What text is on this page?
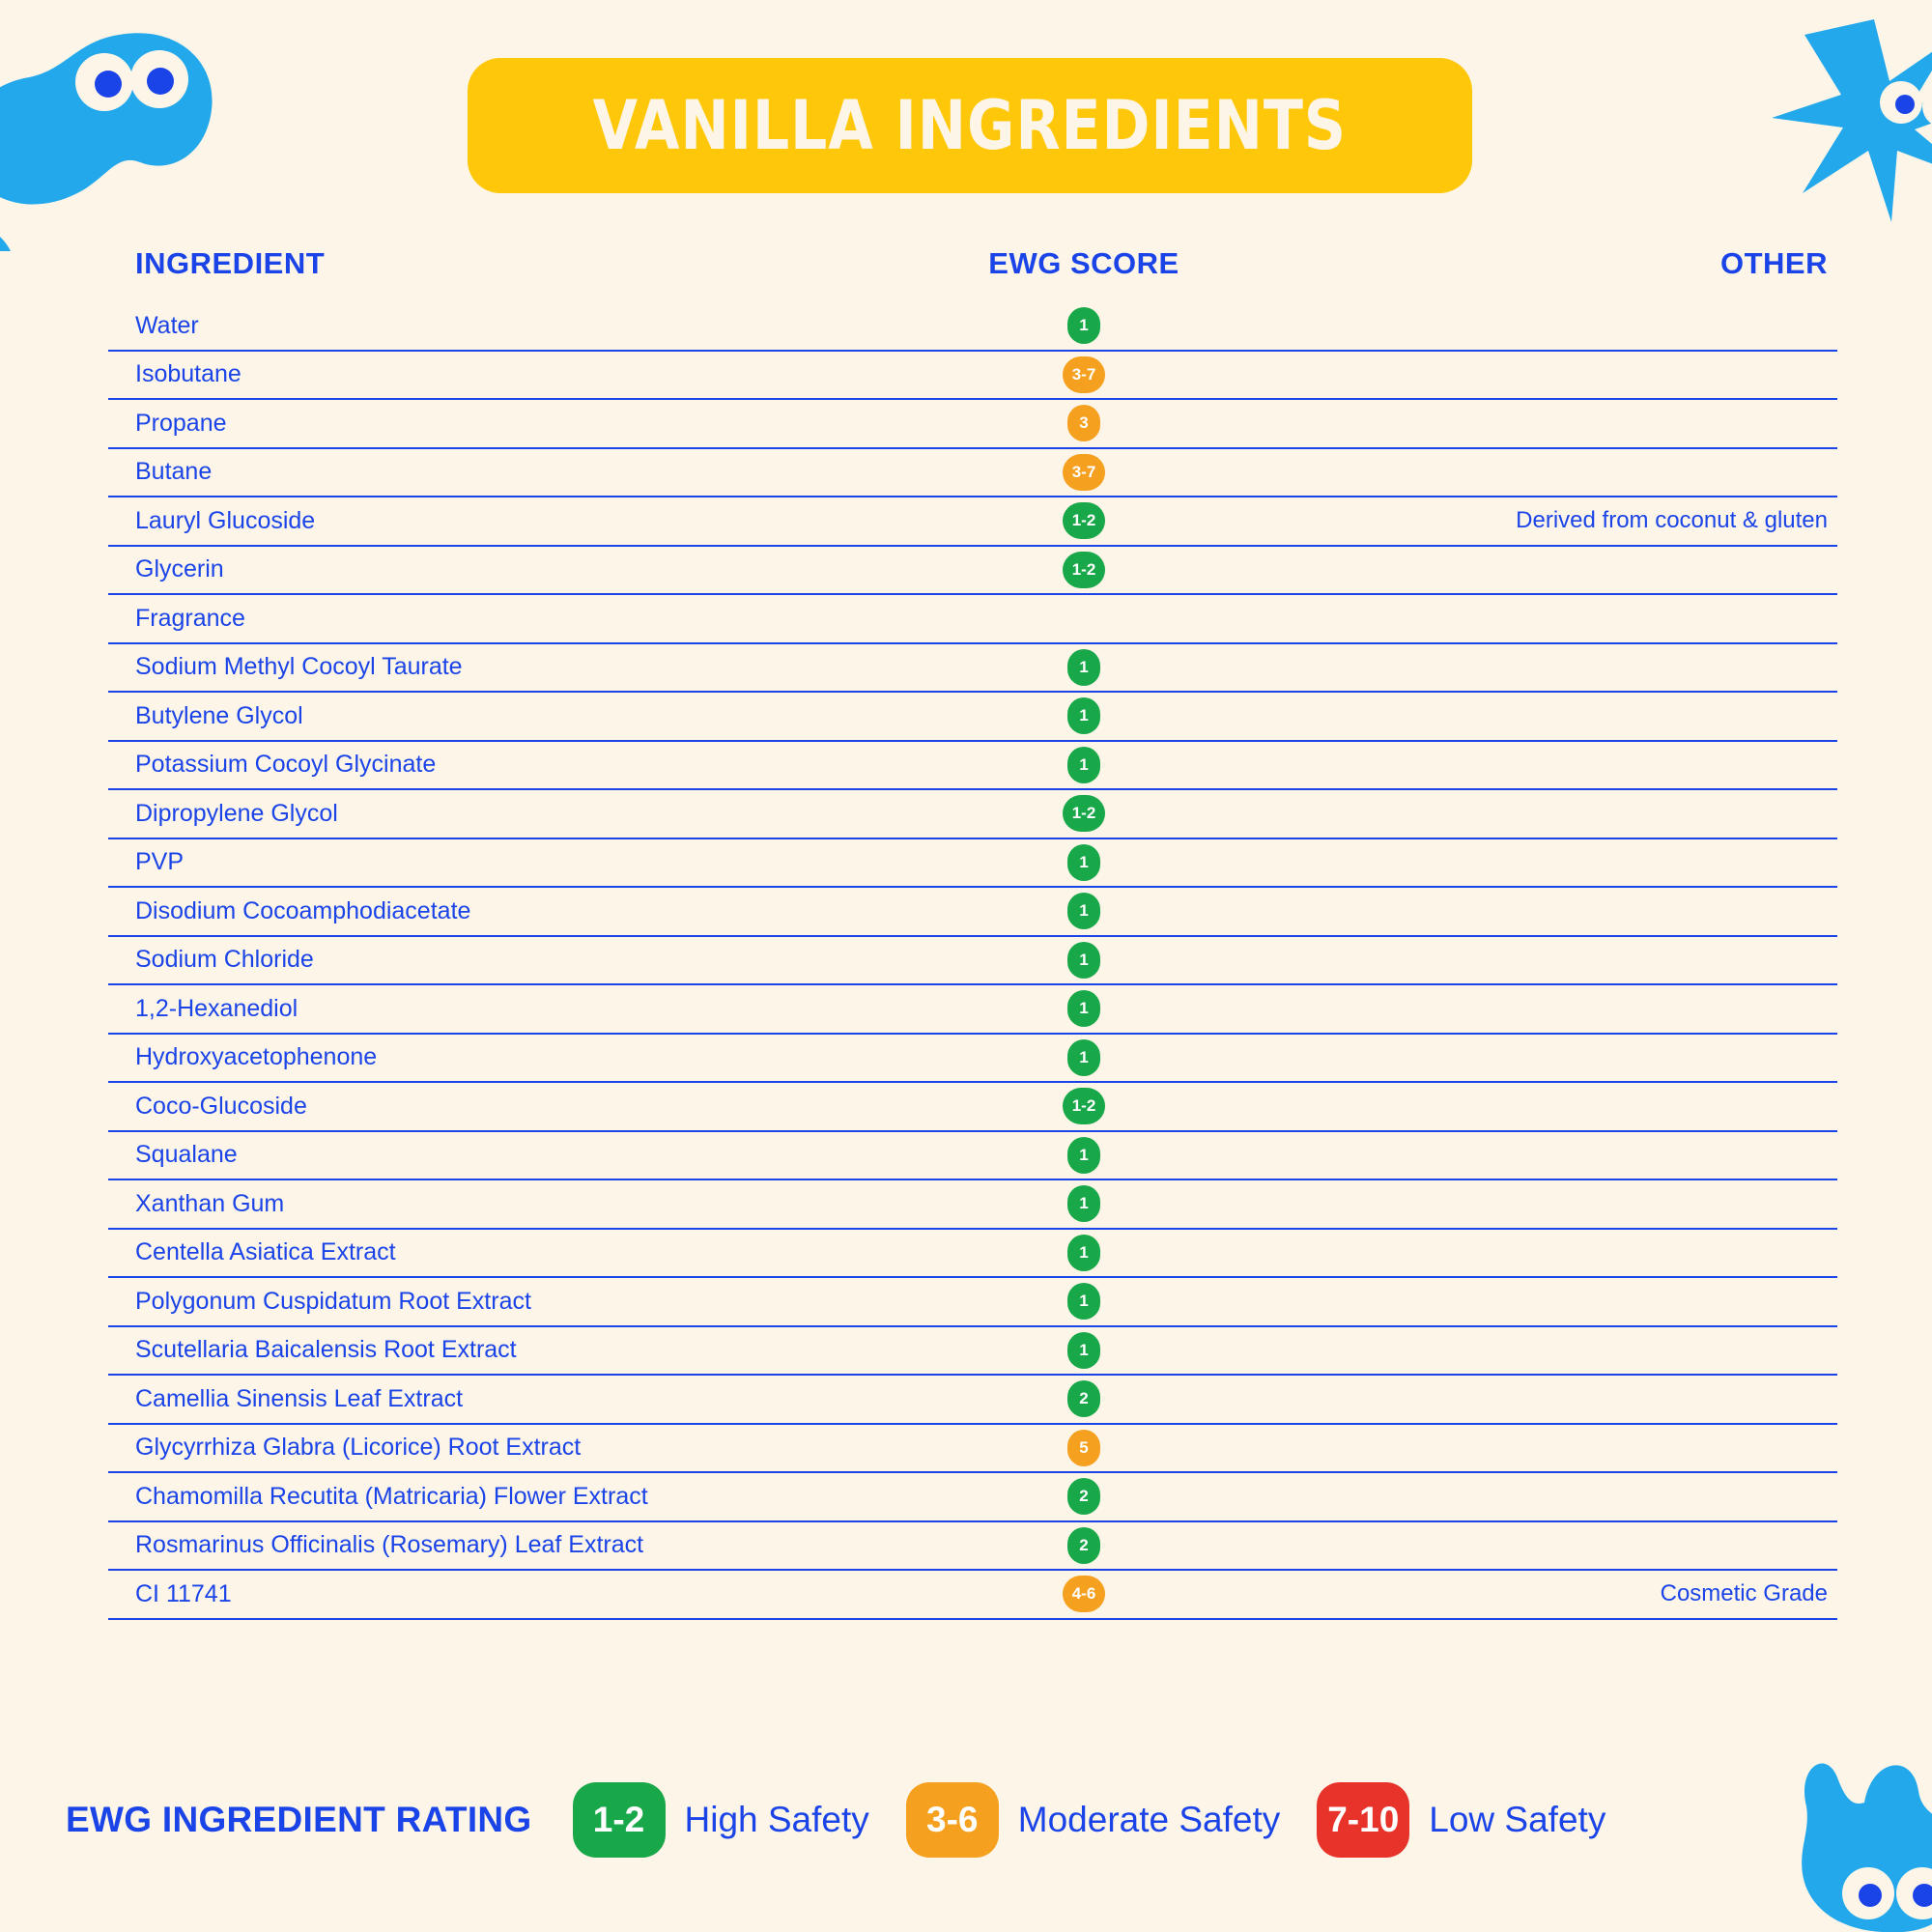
VANILLA INGREDIENTS
INGREDIENT	EWG SCORE	OTHER
Water	1
Isobutane	3-7
Propane	3
Butane	3-7
Lauryl Glucoside	1-2	Derived from coconut & gluten
Glycerin	1-2
Fragrance
Sodium Methyl Cocoyl Taurate	1
Butylene Glycol	1
Potassium Cocoyl Glycinate	1
Dipropylene Glycol	1-2
PVP	1
Disodium Cocoamphodiacetate	1
Sodium Chloride	1
1,2-Hexanediol	1
Hydroxyacetophenone	1
Coco-Glucoside	1-2
Squalane	1
Xanthan Gum	1
Centella Asiatica Extract	1
Polygonum Cuspidatum Root Extract	1
Scutellaria Baicalensis Root Extract	1
Camellia Sinensis Leaf Extract	2
Glycyrrhiza Glabra (Licorice) Root Extract	5
Chamomilla Recutita (Matricaria) Flower Extract	2
Rosmarinus Officinalis (Rosemary) Leaf Extract	2
CI 11741	4-6	Cosmetic Grade
EWG INGREDIENT RATING	1-2	High Safety	3-6	Moderate Safety 7-10 Low Safety
